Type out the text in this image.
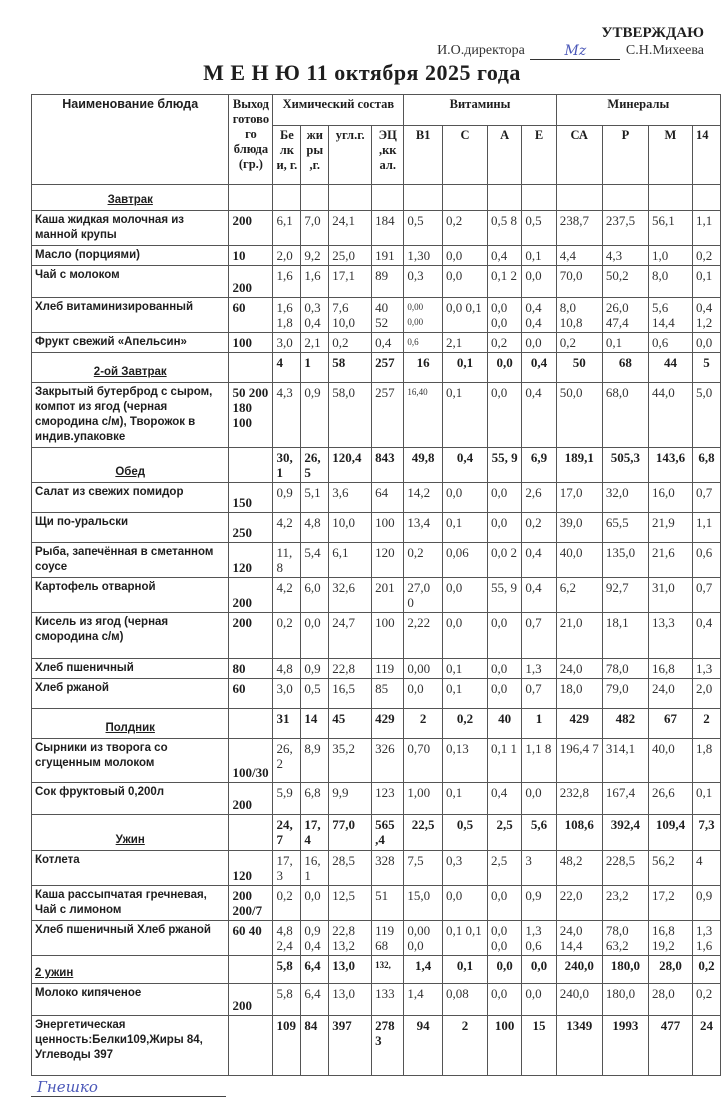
УТВЕРЖДАЮ
И.О.директора	Mz	С.Н.Михеева
М Е Н Ю 11 октября 2025 года
Наименование блюда	Выход готово го блюда (гр.)	Химический состав				Витамины				Минералы			
		Бе лк и, г.	жи ры ,г.	угл.г.	ЭЦ ,кк ал.	В1	С	А	Е	СА	Р	М	14
Завтрак													
Каша жидкая молочная из манной крупы	200	6,1	7,0	24,1	184	0,5	0,2	0,5 8	0,5	238,7	237,5	56,1	1,1
Масло (порциями)	10	2,0	9,2	25,0	191	1,30	0,0	0,4	0,1	4,4	4,3	1,0	0,2
Чай с молоком	200	1,6	1,6	17,1	89	0,3	0,0	0,1 2	0,0	70,0	50,2	8,0	0,1
Хлеб витаминизированный	60	1,6 1,8	0,3 0,4	7,6 10,0	40 52	0,00 0,00	0,0 0,1	0,0 0,0	0,4 0,4	8,0 10,8	26,0 47,4	5,6 14,4	0,4 1,2
Фрукт свежий «Апельсин»	100	3,0	2,1	0,2	0,4	0,6	2,1	0,2	0,0	0,2	0,1	0,6	0,0
2-ой Завтрак		4	1	58	257	16	0,1	0,0	0,4	50	68	44	5
Закрытый бутерброд с сыром, компот из ягод (черная смородина с/м), Творожок в индив.упаковке	50 200 180 100	4,3	0,9	58,0	257	16,40	0,1	0,0	0,4	50,0	68,0	44,0	5,0
Обед		30, 1	26, 5	120,4	843	49,8	0,4	55, 9	6,9	189,1	505,3	143,6	6,8
Салат из свежих помидор	150	0,9	5,1	3,6	64	14,2	0,0	0,0	2,6	17,0	32,0	16,0	0,7
Щи по-уральски	250	4,2	4,8	10,0	100	13,4	0,1	0,0	0,2	39,0	65,5	21,9	1,1
Рыба, запечённая в сметанном соусе	120	11, 8	5,4	6,1	120	0,2	0,06	0,0 2	0,4	40,0	135,0	21,6	0,6
Картофель отварной	200	4,2	6,0	32,6	201	27,0 0	0,0	55, 9	0,4	6,2	92,7	31,0	0,7
Кисель из ягод (черная смородина с/м)	200	0,2	0,0	24,7	100	2,22	0,0	0,0	0,7	21,0	18,1	13,3	0,4
Хлеб пшеничный	80	4,8	0,9	22,8	119	0,00	0,1	0,0	1,3	24,0	78,0	16,8	1,3
Хлеб ржаной	60	3,0	0,5	16,5	85	0,0	0,1	0,0	0,7	18,0	79,0	24,0	2,0
Полдник		31	14	45	429	2	0,2	40	1	429	482	67	2
Сырники из творога со сгущенным молоком	100/30	26, 2	8,9	35,2	326	0,70	0,13	0,1 1	1,1 8	196,4 7	314,1	40,0	1,8
Сок фруктовый 0,200л	200	5,9	6,8	9,9	123	1,00	0,1	0,4	0,0	232,8	167,4	26,6	0,1
Ужин		24, 7	17, 4	77,0	565 ,4	22,5	0,5	2,5	5,6	108,6	392,4	109,4	7,3
Котлета	120	17, 3	16, 1	28,5	328	7,5	0,3	2,5	3	48,2	228,5	56,2	4
Каша рассыпчатая гречневая, Чай с лимоном	200 200/7	0,2	0,0	12,5	51	15,0	0,0	0,0	0,9	22,0	23,2	17,2	0,9
Хлеб пшеничный Хлеб ржаной	60 40	4,8 2,4	0,9 0,4	22,8 13,2	119 68	0,00 0,0	0,1 0,1	0,0 0,0	1,3 0,6	24,0 14,4	78,0 63,2	16,8 19,2	1,3 1,6
2 ужин		5,8	6,4	13,0	132,	1,4	0,1	0,0	0,0	240,0	180,0	28,0	0,2
Молоко кипяченое	200	5,8	6,4	13,0	133	1,4	0,08	0,0	0,0	240,0	180,0	28,0	0,2
Энергетическая ценность:Белки109,Жиры 84, Углеводы 397		109	84	397	278 3	94	2	100	15	1349	1993	477	24
Гнешко
